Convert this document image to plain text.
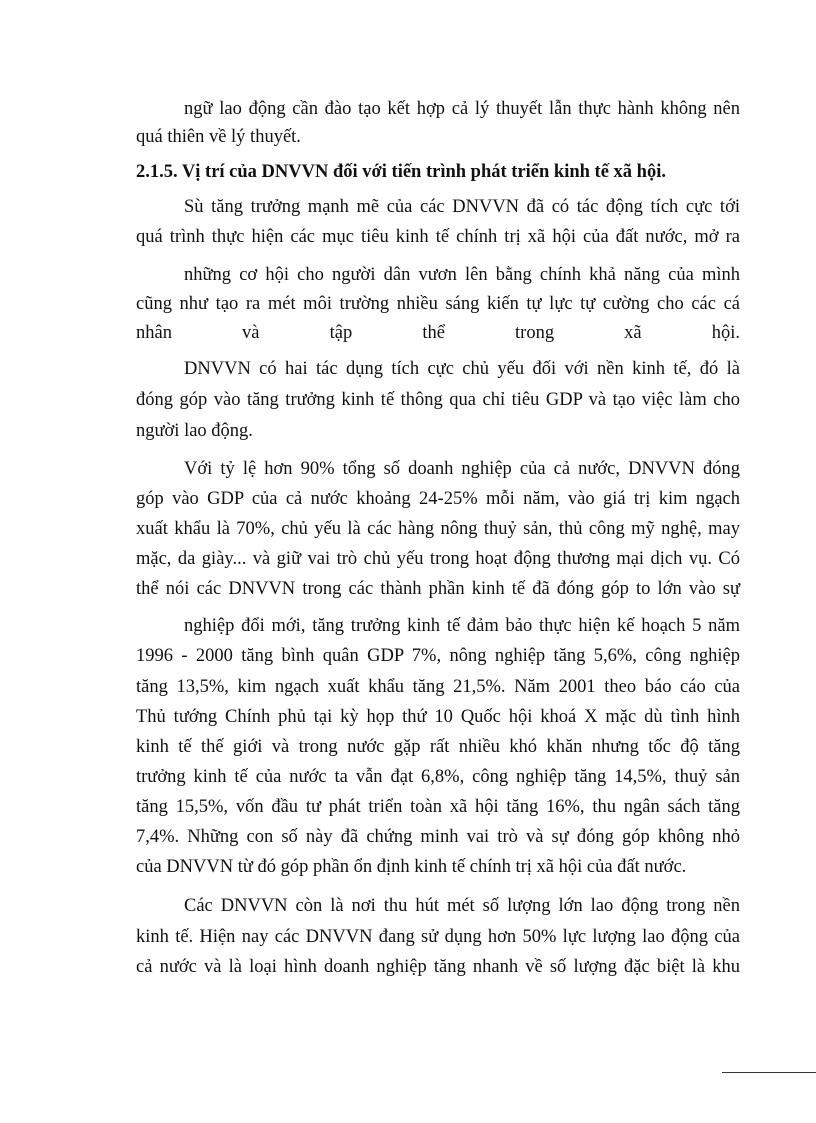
ngữ lao động cần đào tạo kết hợp cả lý thuyết lẫn thực hành không nên
quá thiên về lý thuyết.
2.1.5. Vị trí của DNVVN đối với tiến trình phát triển kinh tế xã hội.
Sù tăng trưởng mạnh mẽ của các DNVVN đã có tác động tích cực tới
quá trình thực hiện các mục tiêu kinh tế chính trị xã hội của đất nước, mở ra
những cơ hội cho người dân vươn lên bằng chính khả năng của mình
cũng như tạo ra mét môi trường nhiều sáng kiến tự lực tự cường cho các cá
nhân và tập thể trong xã hội.
DNVVN có hai tác dụng tích cực chủ yếu đối với nền kinh tế, đó là
đóng góp vào tăng trưởng kinh tế thông qua chỉ tiêu GDP và tạo việc làm cho
người lao động.
Với tỷ lệ hơn 90% tổng số doanh nghiệp của cả nước, DNVVN đóng
góp vào GDP của cả nước khoảng 24-25% mỗi năm, vào giá trị kim ngạch
xuất khẩu là 70%, chủ yếu là các hàng nông thuỷ sản, thủ công mỹ nghệ, may
mặc, da giày... và giữ vai trò chủ yếu trong hoạt động thương mại dịch vụ. Có
thể nói các DNVVN trong các thành phần kinh tế đã đóng góp to lớn vào sự
nghiệp đổi mới, tăng trưởng kinh tế đảm bảo thực hiện kế hoạch 5 năm
1996 - 2000 tăng bình quân GDP 7%, nông nghiệp tăng 5,6%, công nghiệp
tăng 13,5%, kim ngạch xuất khẩu tăng 21,5%. Năm 2001 theo báo cáo của
Thủ tướng Chính phủ tại kỳ họp thứ 10 Quốc hội khoá X mặc dù tình hình
kinh tế thế giới và trong nước gặp rất nhiều khó khăn nhưng tốc độ tăng
trưởng kinh tế của nước ta vẫn đạt 6,8%, công nghiệp tăng 14,5%, thuỷ sản
tăng 15,5%, vốn đầu tư phát triển toàn xã hội tăng 16%, thu ngân sách tăng
7,4%. Những con số này đã chứng minh vai trò và sự đóng góp không nhỏ
của DNVVN từ đó góp phần ổn định kinh tế chính trị xã hội của đất nước.
Các DNVVN còn là nơi thu hút mét số lượng lớn lao động trong nền
kinh tế. Hiện nay các DNVVN đang sử dụng hơn 50% lực lượng lao động của
cả nước và là loại hình doanh nghiệp tăng nhanh về số lượng đặc biệt là khu
